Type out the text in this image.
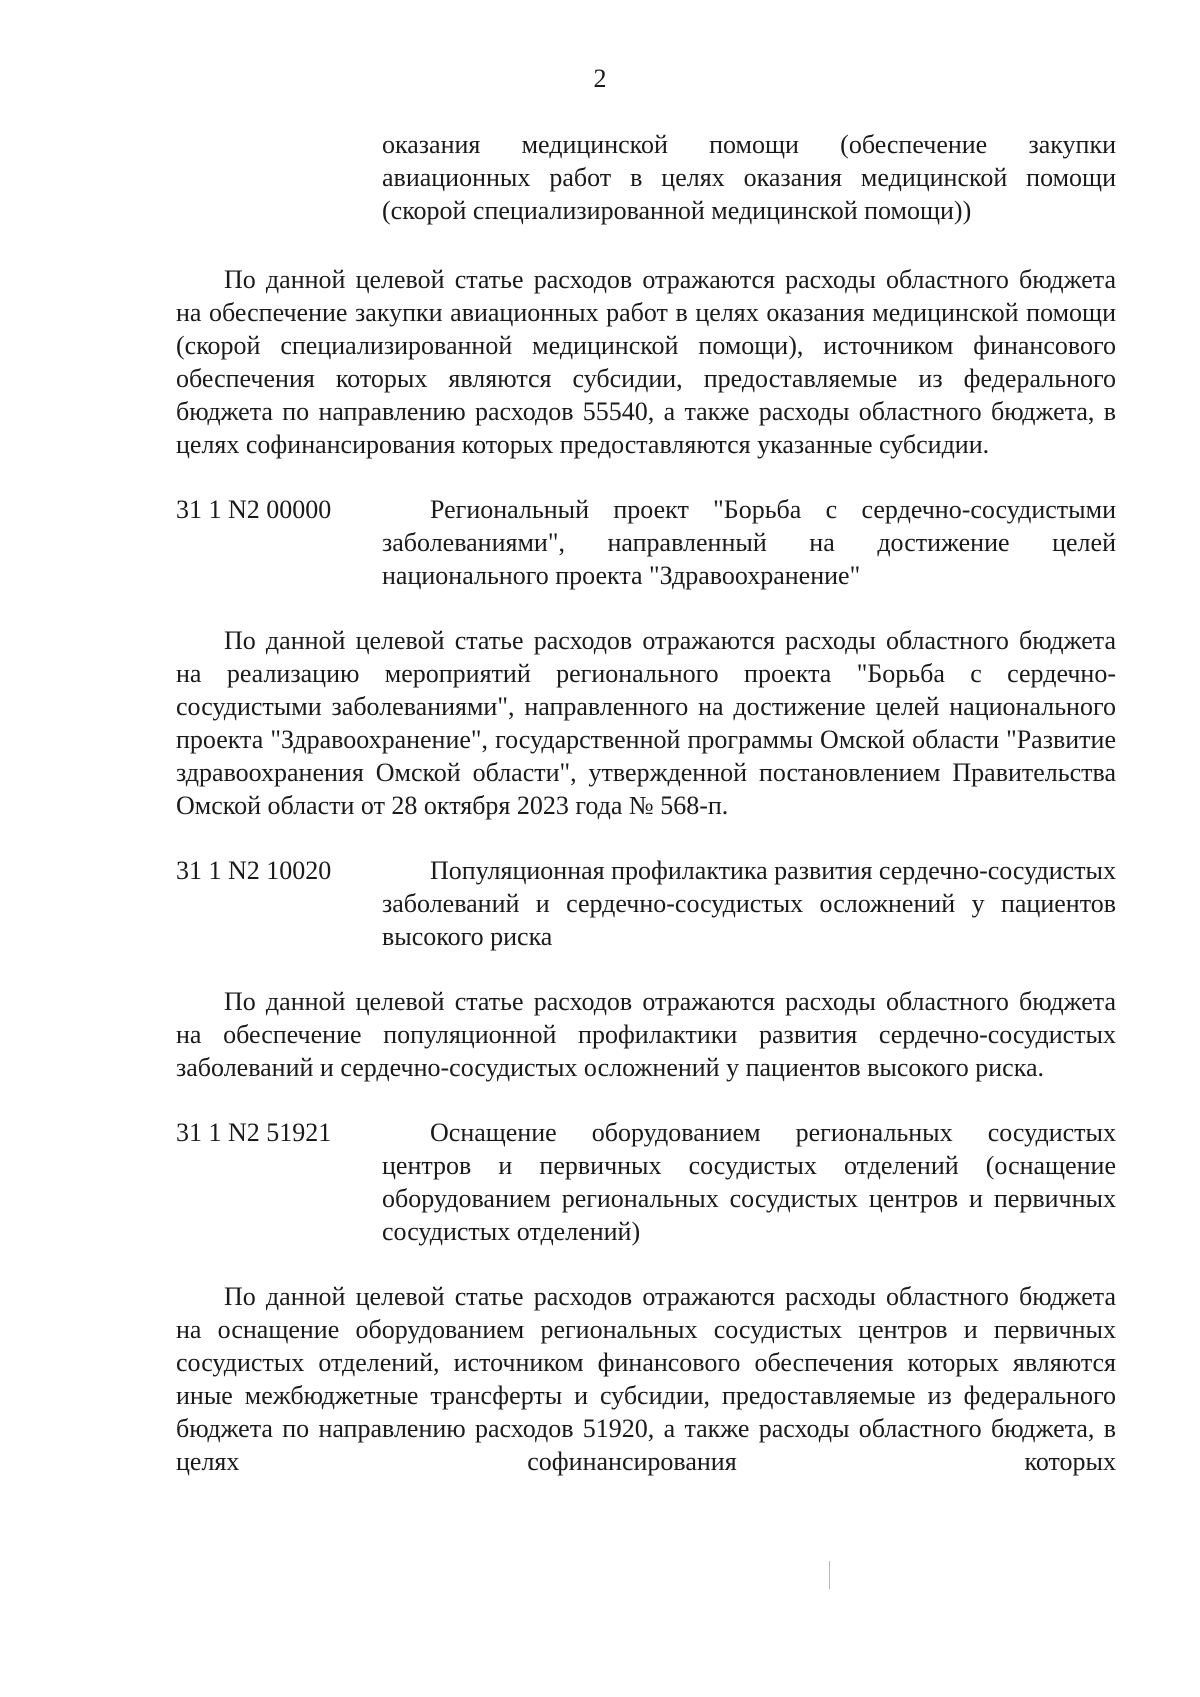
2
оказания медицинской помощи (обеспечение закупки авиационных работ в целях оказания медицинской помощи (скорой специализированной медицинской помощи))

По данной целевой статье расходов отражаются расходы областного бюджета на обеспечение закупки авиационных работ в целях оказания медицинской помощи (скорой специализированной медицинской помощи), источником финансового обеспечения которых являются субсидии, предоставляемые из федерального бюджета по направлению расходов 55540, а также расходы областного бюджета, в целях софинансирования которых предоставляются указанные субсидии.

31 1 N2 00000	Региональный проект "Борьба с сердечно-сосудистыми заболеваниями", направленный на достижение целей национального проекта "Здравоохранение"

По данной целевой статье расходов отражаются расходы областного бюджета на реализацию мероприятий регионального проекта "Борьба с сердечно-сосудистыми заболеваниями", направленного на достижение целей национального проекта "Здравоохранение", государственной программы Омской области "Развитие здравоохранения Омской области", утвержденной постановлением Правительства Омской области от 28 октября 2023 года № 568-п.

31 1 N2 10020	Популяционная профилактика развития сердечно-сосудистых заболеваний и сердечно-сосудистых осложнений у пациентов высокого риска

По данной целевой статье расходов отражаются расходы областного бюджета на обеспечение популяционной профилактики развития сердечно-сосудистых заболеваний и сердечно-сосудистых осложнений у пациентов высокого риска.

31 1 N2 51921	Оснащение оборудованием региональных сосудистых центров и первичных сосудистых отделений (оснащение оборудованием региональных сосудистых центров и первичных сосудистых отделений)

По данной целевой статье расходов отражаются расходы областного бюджета на оснащение оборудованием региональных сосудистых центров и первичных сосудистых отделений, источником финансового обеспечения которых являются иные межбюджетные трансферты и субсидии, предоставляемые из федерального бюджета по направлению расходов 51920, а также расходы областного бюджета, в целях софинансирования которых
